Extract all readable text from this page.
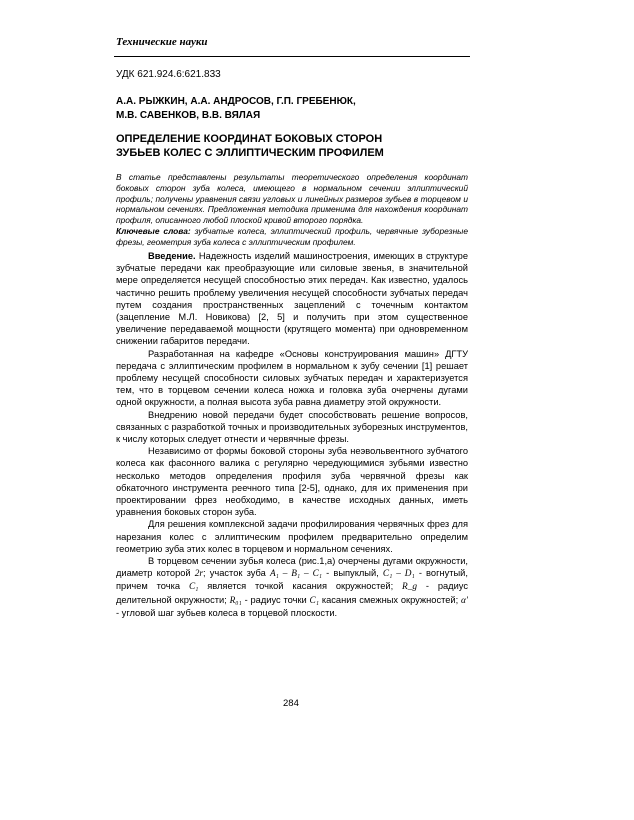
Технические науки
УДК 621.924.6:621.833
А.А. РЫЖКИН, А.А. АНДРОСОВ, Г.П. ГРЕБЕНЮК,
М.В. САВЕНКОВ, В.В. ВЯЛАЯ
ОПРЕДЕЛЕНИЕ КООРДИНАТ БОКОВЫХ СТОРОН
ЗУБЬЕВ КОЛЕС С ЭЛЛИПТИЧЕСКИМ ПРОФИЛЕМ
В статье представлены результаты теоретического определения координат боковых сторон зуба колеса, имеющего в нормальном сечении эллиптический профиль; получены уравнения связи угловых и линейных размеров зубьев в торцевом и нормальном сечениях. Предложенная методика применима для нахождения координат профиля, описанного любой плоской кривой второго порядка.
Ключевые слова: зубчатые колеса, эллиптический профиль, червячные зуборезные фрезы, геометрия зуба колеса с эллиптическим профилем.

Введение. Надежность изделий машиностроения, имеющих в структуре зубчатые передачи как преобразующие или силовые звенья, в значительной мере определяется несущей способностью этих передач. Как известно, удалось частично решить проблему увеличения несущей способности зубчатых передач путем создания пространственных зацеплений с точечным контактом (зацепление М.Л. Новикова) [2, 5] и получить при этом существенное увеличение передаваемой мощности (крутящего момента) при одновременном снижении габаритов передачи.

Разработанная на кафедре «Основы конструирования машин» ДГТУ передача с эллиптическим профилем в нормальном к зубу сечении [1] решает проблему несущей способности силовых зубчатых передач и характеризуется тем, что в торцевом сечении колеса ножка и головка зуба очерчены дугами одной окружности, а полная высота зуба равна диаметру этой окружности.

Внедрению новой передачи будет способствовать решение вопросов, связанных с разработкой точных и производительных зуборезных инструментов, к числу которых следует отнести и червячные фрезы.

Независимо от формы боковой стороны зуба неэвольвентного зубчатого колеса как фасонного валика с регулярно чередующимися зубьями известно несколько методов определения профиля зуба червячной фрезы как обкаточного инструмента реечного типа [2-5], однако, для их применения при проектировании фрез необходимо, в качестве исходных данных, иметь уравнения боковых сторон зуба.

Для решения комплексной задачи профилирования червячных фрез для нарезания колес с эллиптическим профилем предварительно определим геометрию зуба этих колес в торцевом и нормальном сечениях.

В торцевом сечении зубья колеса (рис.1,а) очерчены дугами окружности, диаметр которой 2r; участок зуба A₁ – B₁ – C₁ - выпуклый, C₁ – D₁ - вогнутый, причем точка C₁ является точкой касания окружностей; R_g - радиус делительной окружности; R₀₁ - радиус точки C₁ касания смежных окружностей; α′ - угловой шаг зубьев колеса в торцевой плоскости.

284
